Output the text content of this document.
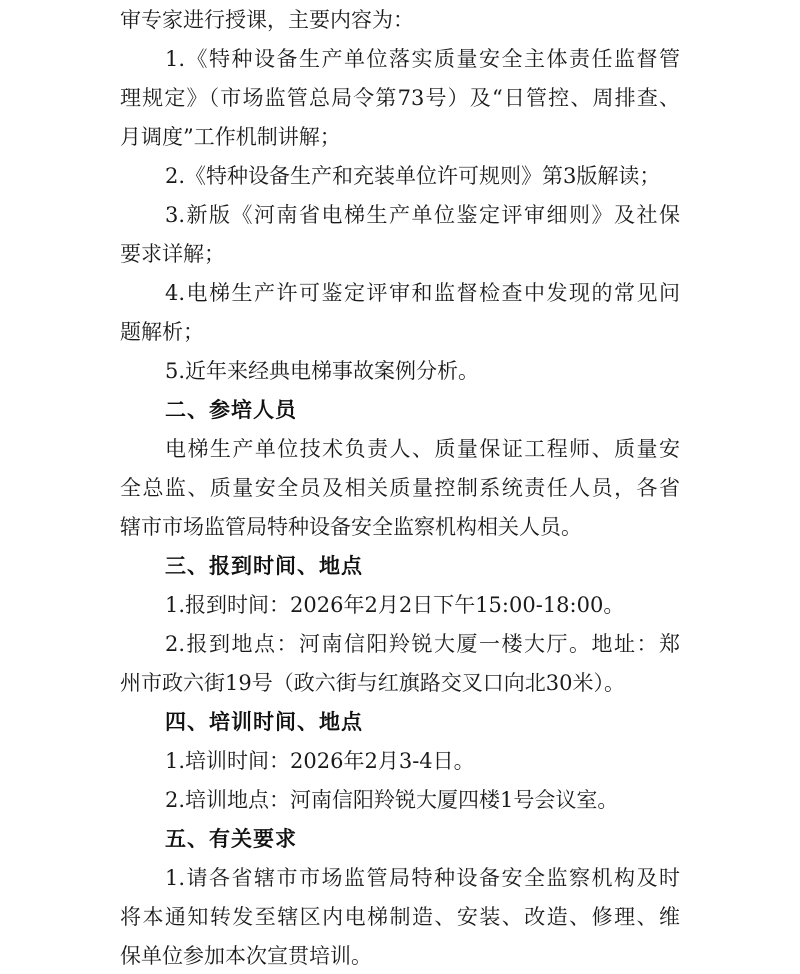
审专家进行授课，主要内容为：
1.《特种设备生产单位落实质量安全主体责任监督管
理规定》（市场监管总局令第73号）及“日管控、周排查、
月调度”工作机制讲解；
2.《特种设备生产和充装单位许可规则》第3版解读；
3.新版《河南省电梯生产单位鉴定评审细则》及社保
要求详解；
4.电梯生产许可鉴定评审和监督检查中发现的常见问
题解析；
5.近年来经典电梯事故案例分析。
二、参培人员
电梯生产单位技术负责人、质量保证工程师、质量安
全总监、质量安全员及相关质量控制系统责任人员，各省
辖市市场监管局特种设备安全监察机构相关人员。
三、报到时间、地点
1.报到时间：2026年2月2日下午15:00-18:00。
2.报到地点：河南信阳羚锐大厦一楼大厅。地址：郑
州市政六街19号（政六街与红旗路交叉口向北30米）。
四、培训时间、地点
1.培训时间：2026年2月3-4日。
2.培训地点：河南信阳羚锐大厦四楼1号会议室。
五、有关要求
1.请各省辖市市场监管局特种设备安全监察机构及时
将本通知转发至辖区内电梯制造、安装、改造、修理、维
保单位参加本次宣贯培训。
